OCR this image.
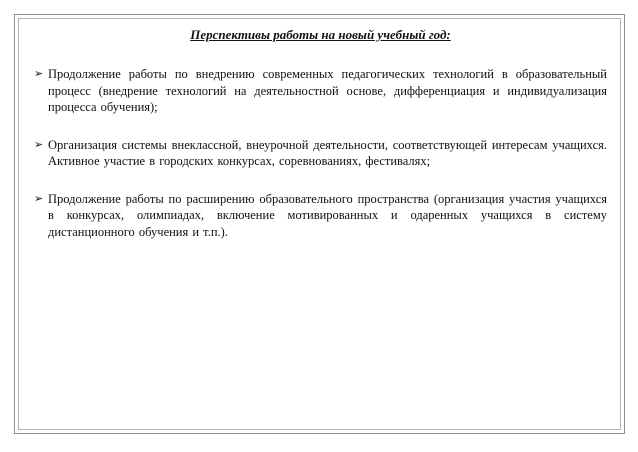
Перспективы работы на новый учебный год:
➢ Продолжение работы по внедрению современных педагогических технологий в образовательный процесс (внедрение технологий на деятельностной основе, дифференциация и индивидуализация процесса обучения);
➢ Организация системы внеклассной, внеурочной деятельности, соответствующей интересам учащихся. Активное участие в городских конкурсах, соревнованиях, фестивалях;
➢ Продолжение работы по расширению образовательного пространства (организация участия учащихся в конкурсах, олимпиадах, включение мотивированных и одаренных учащихся в систему дистанционного обучения и т.п.).
